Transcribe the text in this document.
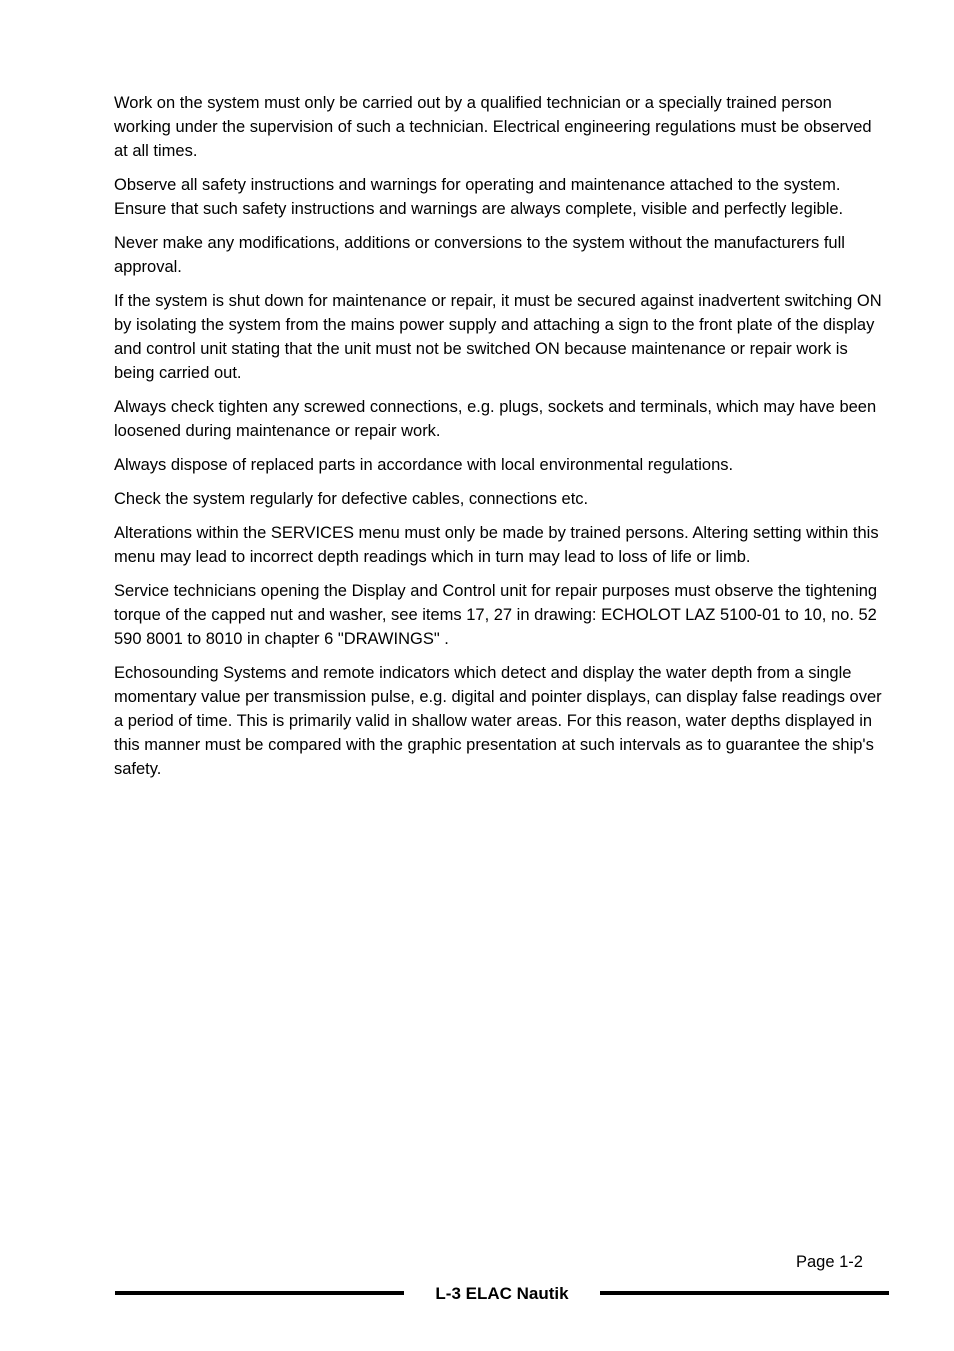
Work on the system must only be carried out by a qualified technician or a specially trained person working under the supervision of such a technician. Electrical engineering regulations must be observed at all times.

Observe all safety instructions and warnings for operating and maintenance attached to the system. Ensure that such safety instructions and warnings are always complete, visible and perfectly legible.

Never make any modifications, additions or conversions to the system without the manufacturers full approval.

If the system is shut down for maintenance or repair, it must be secured against inadvertent switching ON by isolating the system from the mains power supply and attaching a sign to the front plate of the display and control unit stating that the unit must not be switched ON because maintenance or repair work is being carried out.

Always check tighten any screwed connections, e.g. plugs, sockets and terminals, which may have been loosened during maintenance or repair work.

Always dispose of replaced parts in accordance with local environmental regulations.

Check the system regularly for defective cables, connections etc.

Alterations within the SERVICES menu must only be made by trained persons. Altering setting within this menu may lead to incorrect depth readings which in turn may lead to loss of life or limb.

Service technicians opening the Display and Control unit for repair purposes must observe the tightening torque of the capped nut and washer, see items 17, 27 in drawing: ECHOLOT LAZ 5100-01 to 10, no. 52 590 8001 to 8010 in chapter 6 "DRAWINGS" .

Echosounding Systems and remote indicators which detect and display the water depth from a single momentary value per transmission pulse, e.g. digital and pointer displays, can display false readings over a period of time. This is primarily valid in shallow water areas. For this reason, water depths displayed in this manner must be compared with the graphic presentation at such intervals as to guarantee the ship's safety.

Page 1-2
L-3 ELAC Nautik
